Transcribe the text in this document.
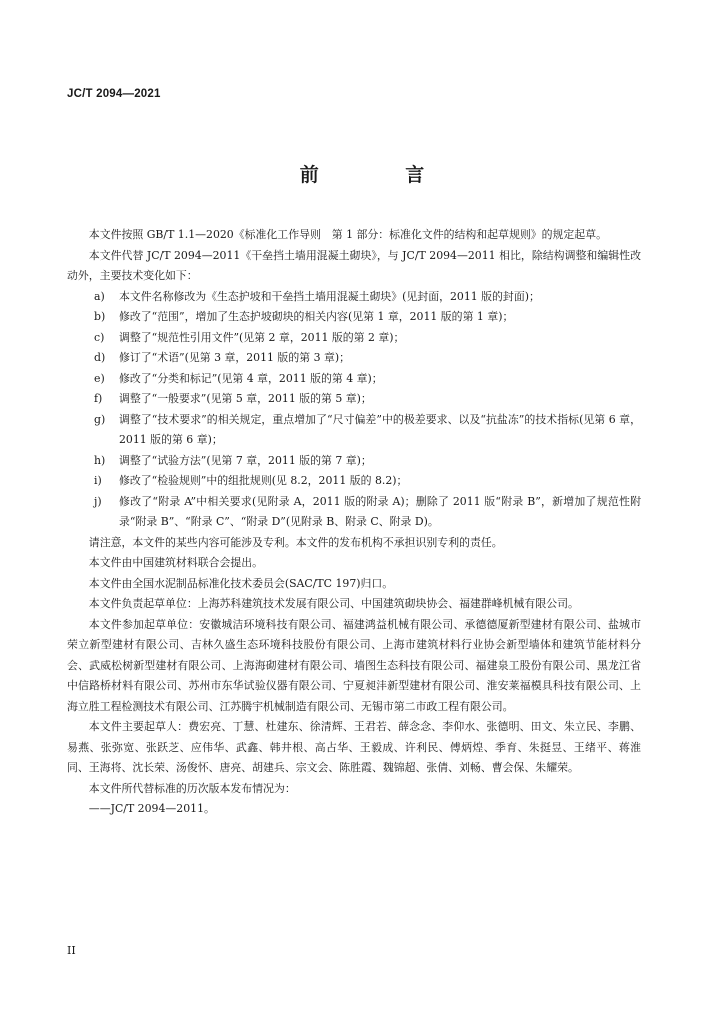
JC/T 2094—2021
前 言

本文件按照 GB/T 1.1—2020《标准化工作导则　第 1 部分：标准化文件的结构和起草规则》的规定起草。

本文件代替 JC/T 2094—2011《干垒挡土墙用混凝土砌块》，与 JC/T 2094—2011 相比，除结构调整和编辑性改动外，主要技术变化如下：

a) 本文件名称修改为《生态护坡和干垒挡土墙用混凝土砌块》(见封面，2011 版的封面)；
b) 修改了“范围”，增加了生态护坡砌块的相关内容(见第 1 章，2011 版的第 1 章)；
c) 调整了“规范性引用文件”(见第 2 章，2011 版的第 2 章)；
d) 修订了“术语”(见第 3 章，2011 版的第 3 章)；
e) 修改了“分类和标记”(见第 4 章，2011 版的第 4 章)；
f) 调整了“一般要求”(见第 5 章，2011 版的第 5 章)；
g) 调整了“技术要求”的相关规定，重点增加了“尺寸偏差”中的极差要求、以及“抗盐冻”的技术指标(见第 6 章，2011 版的第 6 章)；
h) 调整了“试验方法”(见第 7 章，2011 版的第 7 章)；
i) 修改了“检验规则”中的组批规则(见 8.2，2011 版的 8.2)；
j) 修改了“附录 A”中相关要求(见附录 A，2011 版的附录 A)；删除了 2011 版“附录 B”，新增加了规范性附录“附录 B”、“附录 C”、“附录 D”(见附录 B、附录 C、附录 D)。

请注意，本文件的某些内容可能涉及专利。本文件的发布机构不承担识别专利的责任。

本文件由中国建筑材料联合会提出。

本文件由全国水泥制品标准化技术委员会(SAC/TC 197)归口。

本文件负责起草单位：上海苏科建筑技术发展有限公司、中国建筑砌块协会、福建群峰机械有限公司。

本文件参加起草单位：安徽城洁环境科技有限公司、福建鸿益机械有限公司、承德德厦新型建材有限公司、盐城市荣立新型建材有限公司、吉林久盛生态环境科技股份有限公司、上海市建筑材料行业协会新型墙体和建筑节能材料分会、武威松树新型建材有限公司、上海海砌建材有限公司、墙图生态科技有限公司、福建泉工股份有限公司、黑龙江省中信路桥材料有限公司、苏州市东华试验仪器有限公司、宁夏昶沣新型建材有限公司、淮安莱福模具科技有限公司、上海立胜工程检测技术有限公司、江苏腾宇机械制造有限公司、无锡市第二市政工程有限公司。

本文件主要起草人：费宏亮、丁慧、杜建东、徐清辉、王君若、薛念念、李仰水、张德明、田文、朱立民、李鹏、易燕、张弥宽、张跃芝、应伟华、武鑫、韩井根、高占华、王毅成、许利民、傅炳煌、季育、朱挺昱、王绪平、蒋淮同、王海将、沈长荣、汤俊怀、唐亮、胡建兵、宗文会、陈胜霞、魏锦超、张倩、刘畅、曹会保、朱耀荣。

本文件所代替标准的历次版本发布情况为：

——JC/T 2094—2011。

II
